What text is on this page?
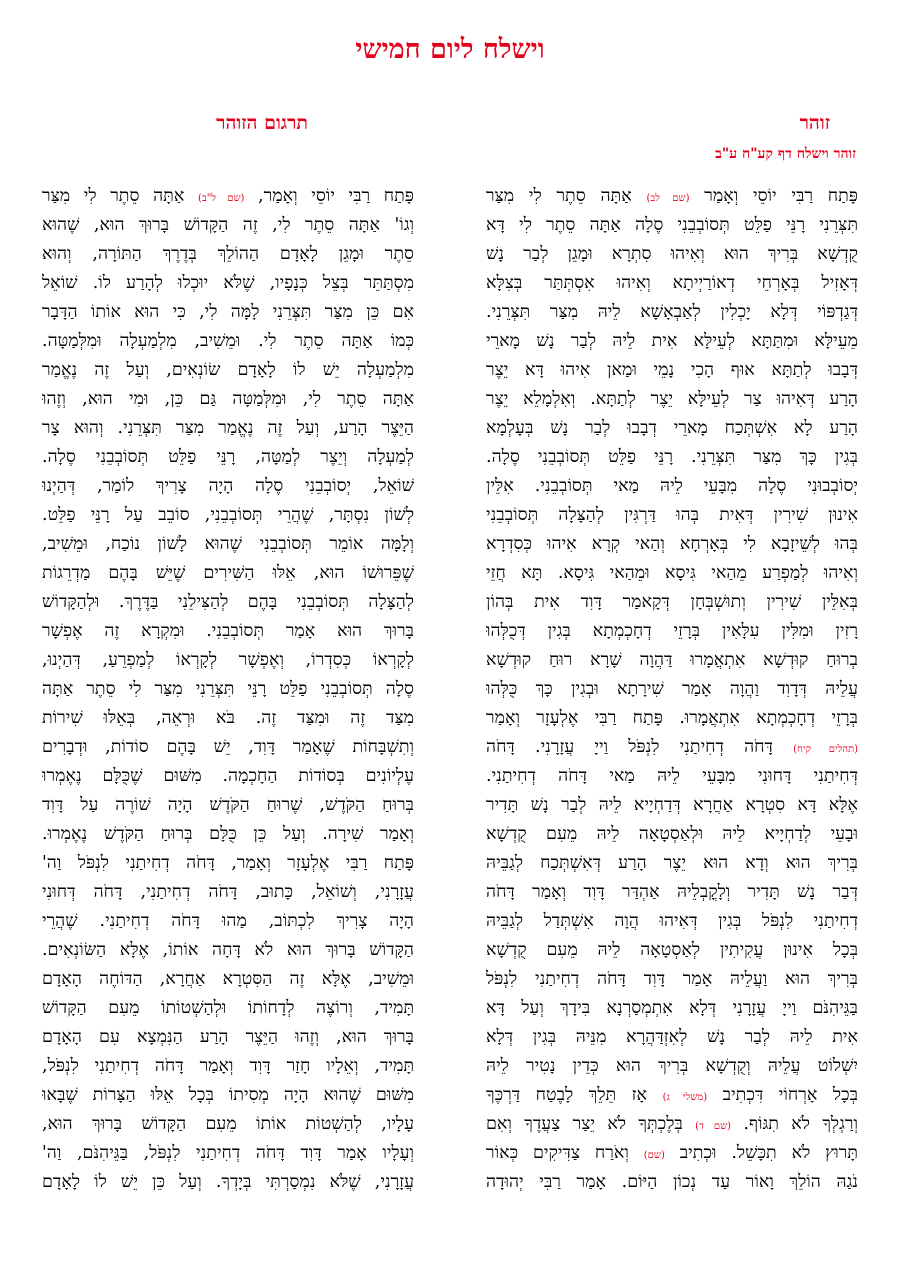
וישלח ליום חמישי
זוהר
תרגום הזוהר
זוהר וישלח דף קע"ח ע"ב
פָּתַח רַבִּי יוֹסֵי וְאָמַר (שם לב) אַתָּה סֵתֶר לִי מִצַּר
תִּצְּרֵנִי רָנֵּי פַלֵּט תְּסוֹבְבֵנִי סֶלָה אַתָּה סֵתֶר לִי דָּא
קֻדְשָׁא בְּרִיךְ הוּא וְאִיהוּ סִתְרָא וּמָגֵן לְבַר נָשׁ
דְּאָזִיל בְּאָרְחֵי דְאוֹרַיְיתָא וְאִיהוּ אִסְתְּתַּר בְּצִלָּא
דְּגַדְפּוֹי דְּלָא יָכְלִין לְאַבְאָשָׁא לֵיהּ מִצַּר תִּצְּרֵנִי.
מֵעֵילָּא וּמִתַּתָּא לְעֵילָּא אִית לֵיהּ לְבַר נָשׁ מָארֵי
דְּבָבוּ לְתַתָּא אוּף הָכִי נָמֵי וּמַאן אִיהוּ דָּא יֵצֶר
הָרַע דְּאִיהוּ צַר לְעֵילָּא יֵצֶר לְתַתָּא. וְאִלְמָלֵא יֵצֶר
הָרַע לָא אִשְׁתְּכַח מָארֵי דְבָבוּ לְבַר נָשׁ בְּעָלְמָא
בְּגִין כָּךְ מִצַּר תִּצְּרֵנִי. רָנֵּי פַלֵּט תְּסוֹבְבֵנִי סֶלָה.
יְסוֹבְבוּנִי סֶלָה מִבָּעֵי לֵיהּ מַאי תְּסוֹבְבֵנִי. אִלֵּין
אִינוּן שִׁירִין דְּאִית בְּהוּ דַּרְגִּין לְהַצָּלָה תְּסוֹבְבֵנִי
בְּהוּ לְשֵׁיזָבָא לִי בְּאָרְחָא וְהַאי קְרָא אִיהוּ כְּסִדְרָא
וְאִיהוּ לְמַפְרַע מֵהַאי גִּיסָא וּמֵהַאי גִּיסָא. תָּא חֲזֵי
בְּאִלֵּין שִׁירִין וְתוּשְׁבְּחָן דְּקָאמַר דָּוִד אִית בְּהוֹן
רָזִין וּמִלִּין עִלָּאִין בְּרָזֵי דְחָכְמְתָא בְּגִין דְּכֻלְּהוּ
בְרוּחַ קוּדְשָׁא אִתְאֲמָרוּ דַּהֲוָה שָׁרָא רוּחַ קוּדְשָׁא
עֲלֵיהּ דְּדָוִד וַהֲוָה אָמַר שִׁירָתָא וּבְגִין כָּךְ כֻּלְּהוּ
בְּרָזֵי דְחָכְמְתָא אִתְאֲמָרוּ. פָּתַח רַבִּי אֶלְעָזָר וְאָמַר
(תהלים קיח) דָּחֹה דְחִיתַנִי לִנְפֹּל וַייָ עֲזָרָנִי. דָּחֹה
דְּחִיתַנִי דָּחוּנִי מִבָּעֵי לֵיהּ מַאי דָּחֹה דְחִיתַנִי.
אֶלָּא דָּא סִטְרָא אַחֲרָא דְּדַחְיָיא לֵיהּ לְבַר נָשׁ תָּדִיר
וּבָעֵי לְדַחְיָיא לֵיהּ וּלְאַסְטָאָה לֵיהּ מֵעִם קֻדְשָׁא
בְּרִיךְ הוּא וְדָא הוּא יֵצֶר הָרַע דְּאִשְׁתְּכַח לְגַבֵּיהּ
דְּבַר נָשׁ תָּדִיר וְלָקֳבְלֵיהּ אַהְדַּר דָּוִד וְאָמַר דָּחֹה
דְחִיתַנִי לִנְפֹּל בְּגִין דְּאִיהוּ הֲוָה אִשְׁתְּדַל לְגַבֵּיהּ
בְּכָל אִינוּן עֲקִיתִין לְאַסְטָאָה לֵיהּ מֵעִם קֻדְשָׁא
בְּרִיךְ הוּא וַעֲלֵיהּ אָמַר דָּוִד דָּחֹה דְחִיתַנִי לִנְפֹּל
בַּגֵּיהִנֹּם וַייָ עֲזָרָנִי דְּלָא אִתְמְסַרְנָא בִּידָךְ וְעַל דָּא
אִית לֵיהּ לְבַר נָשׁ לְאִזְדַּהֲרָא מִנֵּיהּ בְּגִין דְּלָא
יִשְׁלוֹט עֲלֵיהּ וְקֻדְשָׁא בְּרִיךְ הוּא כְּדֵין נָטִיר לֵיהּ
בְּכָל אָרְחוֹי דִּכְתִיב (משלי ג) אָז תֵּלֵךְ לָבֶטַח דַּרְכֶּךָ
וְרַגְלְךָ לֹא תִגּוֹף. (שם ד) בְּלֶכְתְּךָ לֹא יֵצַר צַעֲדֶךָ וְאִם
תָּרוּץ לֹא תִכָּשֵׁל. וּכְתִיב (שם) וְאֹרַח צַדִּיקִים כְּאוֹר
נֹגַהּ הוֹלֵךְ וָאוֹר עַד נְכוֹן הַיּוֹם. אָמַר רַבִּי יְהוּדָה
פָּתַח רַבִּי יוֹסֵי וְאָמַר, (שם ל"ב) אַתָּה סֵתֶר לִי מִצַּר
וְגוֹ' אַתָּה סֵתֶר לִי, זֶה הַקָּדוֹשׁ בָּרוּךְ הוּא, שֶׁהוּא
סֵתֶר וּמָגֵן לָאָדָם הַהוֹלֵךְ בְּדֶרֶךְ הַתּוֹרָה, וְהוּא
מִסְתַּתֵּר בְּצֵל כְּנָפָיו, שֶׁלֹּא יוּכְלוּ לְהָרַע לוֹ. שׁוֹאֵל
אִם כֵּן מִצַּר תִּצְּרֵנִי לָמָּה לִי, כִּי הוּא אוֹתוֹ הַדָּבָר
כְּמוֹ אַתָּה סֵתֶר לִי. וּמֵשִׁיב, מִלְמַעְלָה וּמִלְּמַטָּה.
מִלְמַעְלָה יֵשׁ לוֹ לָאָדָם שׂוֹנְאִים, וְעַל זֶה נֶאֱמַר
אַתָּה סֵתֶר לִי, וּמִלְּמַטָּה גַּם כֵּן, וּמִי הוּא, וְזֶהוּ
הַיֵּצֶר הָרַע, וְעַל זֶה נֶאֱמַר מִצַּר תִּצְּרֵנִי. וְהוּא צָר
לְמַעְלָה וְיֵצֶר לְמַטָּה, רָנֵּי פַלֵּט תְּסוֹבְבֵנִי סֶלָה.
שׁוֹאֵל, יְסוֹבְבֵנִי סֶלָה הָיָה צָרִיךְ לוֹמַר, דְּהַיְנוּ
לְשׁוֹן נִסְתָּר, שֶׁהֲרֵי תְּסוֹבְבֵנִי, סוֹבֵב עַל רָנֵּי פַלֵּט.
וְלָמָּה אוֹמֵר תְּסוֹבְבֵנִי שֶׁהוּא לָשׁוֹן נוֹכַח, וּמֵשִׁיב,
שֶׁפֵּרוּשׁוֹ הוּא, אֵלּוּ הַשִּׁירִים שֶׁיֵּשׁ בָּהֶם מַדְרֵגוֹת
לְהַצָּלָה תְּסוֹבְבֵנִי בָּהֶם לְהַצִּילֵנִי בַּדֶּרֶךְ. וּלְהַקָּדוֹשׁ
בָּרוּךְ הוּא אָמַר תְּסוֹבְבֵנִי. וּמִקְרָא זֶה אֶפְשָׁר
לְקָרְאוֹ כְּסִדְרוֹ, וְאֶפְשָׁר לְקָרְאוֹ לְמַפְרֵעַ, דְּהַיְנוּ,
סֶלָה תְּסוֹבְבֵנִי פַלֵּט רָנֵּי תִּצְּרֵנִי מִצַּר לִי סֵתֶר אַתָּה
מִצַּד זֶה וּמִצַּד זֶה. בֹּא וּרְאֵה, בְּאֵלּוּ שִׁירוֹת
וְתִשְׁבָּחוֹת שֶׁאָמַר דָּוִד, יֵשׁ בָּהֶם סוֹדוֹת, וּדְבָרִים
עֶלְיוֹנִים בְּסוֹדוֹת הַחָכְמָה. מִשּׁוּם שֶׁכֻּלָּם נֶאֶמְרוּ
בְּרוּחַ הַקֹּדֶשׁ, שֶׁרוּחַ הַקֹּדֶשׁ הָיָה שׁוֹרֶה עַל דָּוִד
וְאָמַר שִׁירָה. וְעַל כֵּן כֻּלָּם בְּרוּחַ הַקֹּדֶשׁ נֶאֶמְרוּ.
פָּתַח רַבִּי אֶלְעָזָר וְאָמַר, דָּחֹה דְחִיתַנִי לִנְפֹּל וַה'
עֲזָרָנִי, וְשׁוֹאֵל, כָּתוּב, דָּחֹה דְחִיתַנִי, דָּחֹה דְּחוּנִי
הָיָה צָרִיךְ לִכְתּוֹב, מַהוּ דָּחֹה דְחִיתַנִי. שֶׁהֲרֵי
הַקָּדוֹשׁ בָּרוּךְ הוּא לֹא דָּחָה אוֹתוֹ, אֶלָּא הַשּׂוֹנְאִים.
וּמֵשִׁיב, אֶלָּא זֶה הַסִּטְרָא אַחֲרָא, הַדּוֹחֶה הָאָדָם
תָּמִיד, וְרוֹצֶה לְדָחוֹתוֹ וּלְהַשְׁטוֹתוֹ מֵעִם הַקָּדוֹשׁ
בָּרוּךְ הוּא, וְזֶהוּ הַיֵּצֶר הָרַע הַנִּמְצָא עִם הָאָדָם
תָּמִיד, וְאֵלָיו חָזַר דָּוִד וְאָמַר דָּחֹה דְחִיתַנִי לִנְפֹּל,
מִשּׁוּם שֶׁהוּא הָיָה מְסִיתוֹ בְּכָל אֵלּוּ הַצָּרוֹת שֶׁבָּאוּ
עָלָיו, לְהַשְׁטוֹת אוֹתוֹ מֵעִם הַקָּדוֹשׁ בָּרוּךְ הוּא,
וְעָלָיו אָמַר דָּוִד דָּחֹה דְחִיתַנִי לִנְפֹּל, בַּגֵּיהִנֹּם, וַה'
עֲזָרָנִי, שֶׁלֹּא נִמְסַרְתִּי בְּיָדְךָ. וְעַל כֵּן יֵשׁ לוֹ לָאָדָם
